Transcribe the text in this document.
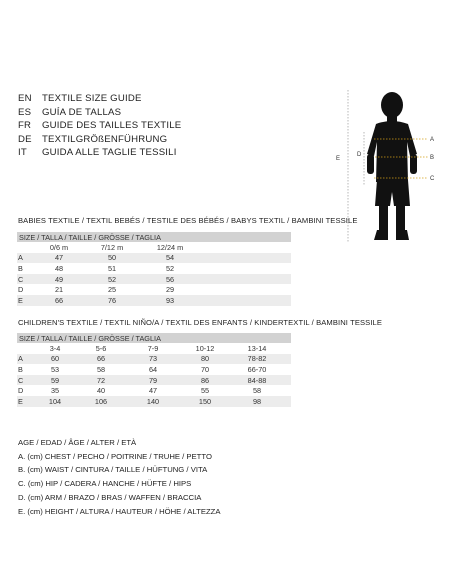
EN	TEXTILE SIZE GUIDE
ES	GUÍA DE TALLAS
FR	GUIDE DES TAILLES TEXTILE
DE	TEXTILGRÖßENFÜHRUNG
IT	GUIDA ALLE TAGLIE TESSILI
A
B
C
D
E
BABIES TEXTILE / TEXTIL BEBÉS / TESTILE DES BÉBÉS / BABYS TEXTIL / BAMBINI TESSILE
SIZE / TALLA / TAILLE / GRÖSSE / TAGLIA				
	0/6 m	7/12 m	12/24 m	
A	47	50	54	
B	48	51	52	
C	49	52	56	
D	21	25	29	
E	66	76	93	
CHILDREN'S TEXTILE / TEXTIL NIÑO/A / TEXTIL DES ENFANTS / KINDERTEXTIL / BAMBINI TESSILE
SIZE / TALLA / TAILLE / GRÖSSE / TAGLIA						
	3-4	5-6	7-9	10-12	13-14	
A	60	66	73	80	78-82	
B	53	58	64	70	66-70	
C	59	72	79	86	84-88	
D	35	40	47	55	58	
E	104	106	140	150	98	
AGE / EDAD / ÂGE / ALTER / ETÀ
A. (cm) CHEST / PECHO / POITRINE / TRUHE / PETTO
B. (cm) WAIST / CINTURA / TAILLE / HÜFTUNG / VITA
C. (cm) HIP / CADERA / HANCHE / HÜFTE / HIPS
D. (cm) ARM / BRAZO / BRAS / WAFFEN / BRACCIA
E. (cm) HEIGHT / ALTURA / HAUTEUR / HÖHE / ALTEZZA
